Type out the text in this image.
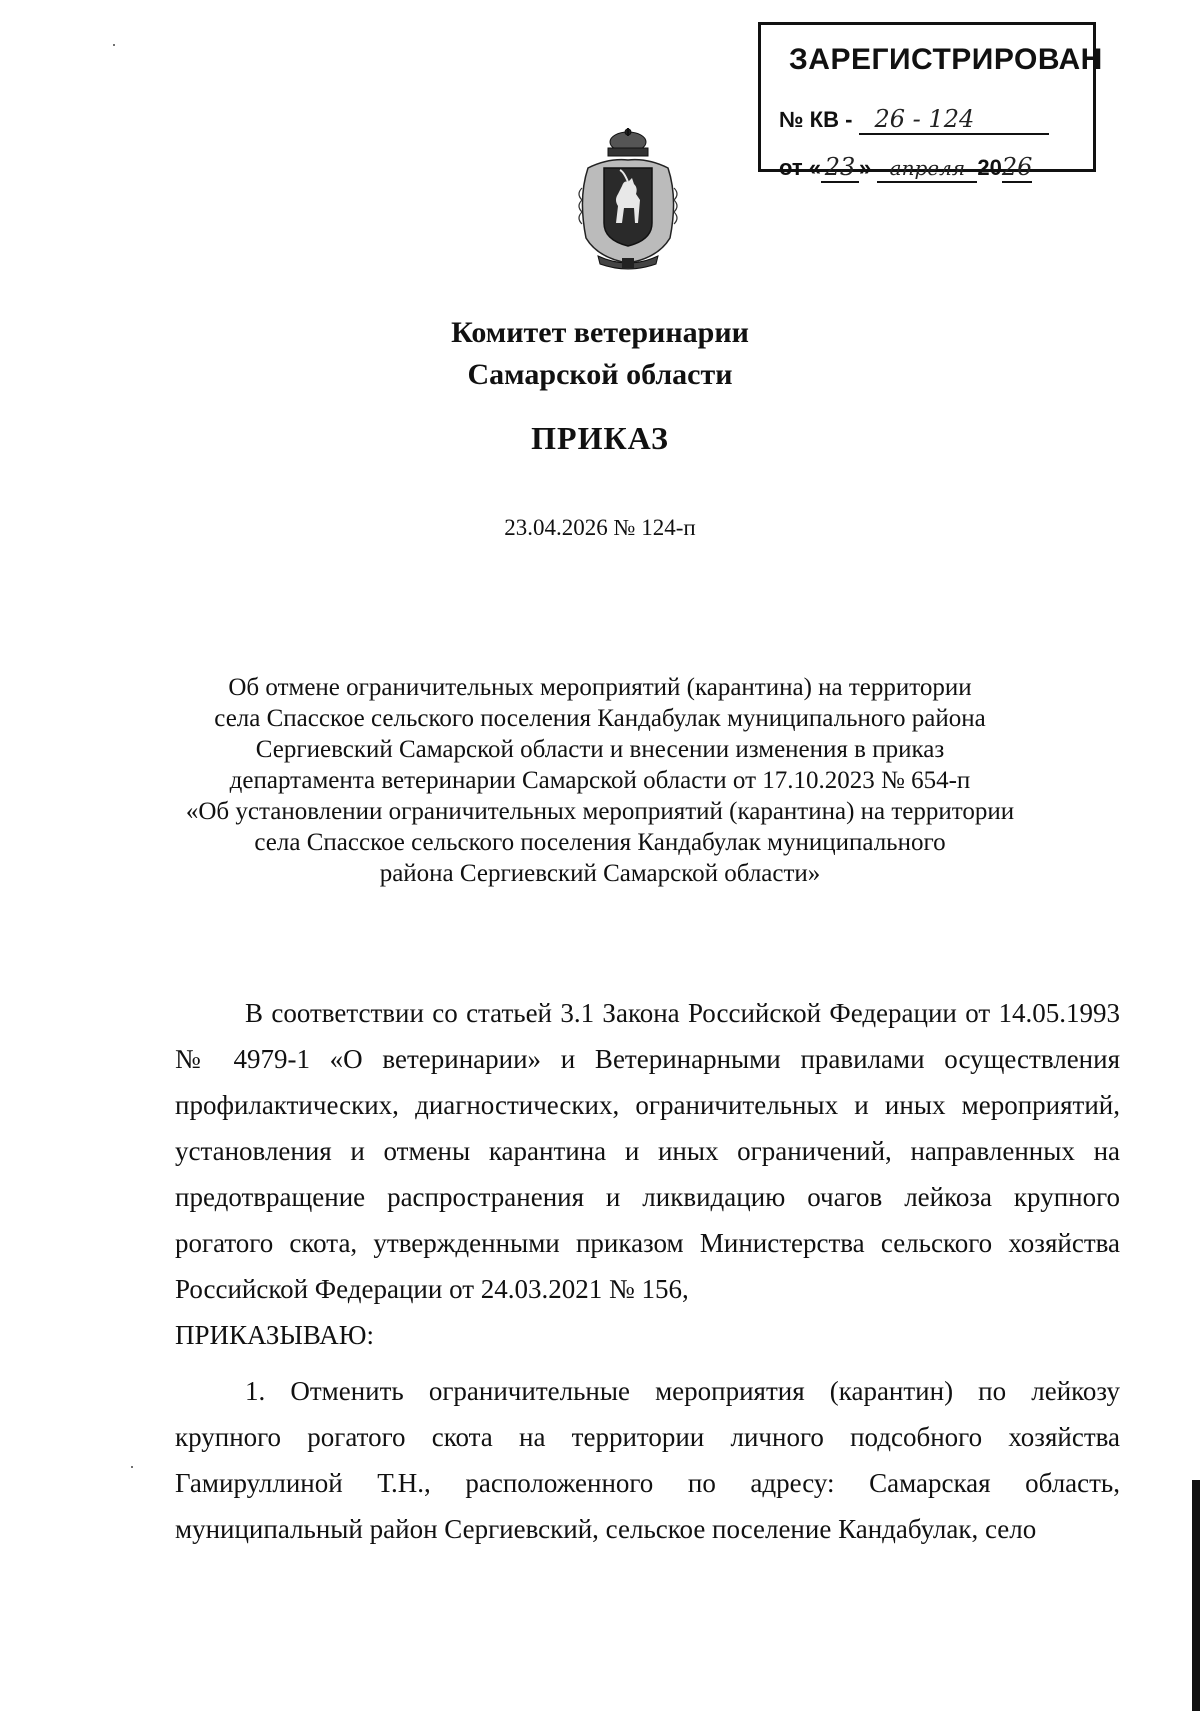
ЗАРЕГИСТРИРОВАН
№ КВ - 26 - 124
от « 23 » апреля 2026
Комитет ветеринарии
Самарской области
ПРИКАЗ
23.04.2026 № 124-п
Об отмене ограничительных мероприятий (карантина) на территории
села Спасское сельского поселения Кандабулак муниципального района
Сергиевский Самарской области и внесении изменения в приказ
департамента ветеринарии Самарской области от 17.10.2023 № 654-п
«Об установлении ограничительных мероприятий (карантина) на территории
села Спасское сельского поселения Кандабулак муниципального
района Сергиевский Самарской области»

В соответствии со статьей 3.1 Закона Российской Федерации от 14.05.1993 № 4979-1 «О ветеринарии» и Ветеринарными правилами осуществления профилактических, диагностических, ограничительных и иных мероприятий, установления и отмены карантина и иных ограничений, направленных на предотвращение распространения и ликвидацию очагов лейкоза крупного рогатого скота, утвержденными приказом Министерства сельского хозяйства Российской Федерации от 24.03.2021 № 156,

ПРИКАЗЫВАЮ:

1. Отменить ограничительные мероприятия (карантин) по лейкозу крупного рогатого скота на территории личного подсобного хозяйства Гамируллиной Т.Н., расположенного по адресу: Самарская область, муниципальный район Сергиевский, сельское поселение Кандабулак, село
